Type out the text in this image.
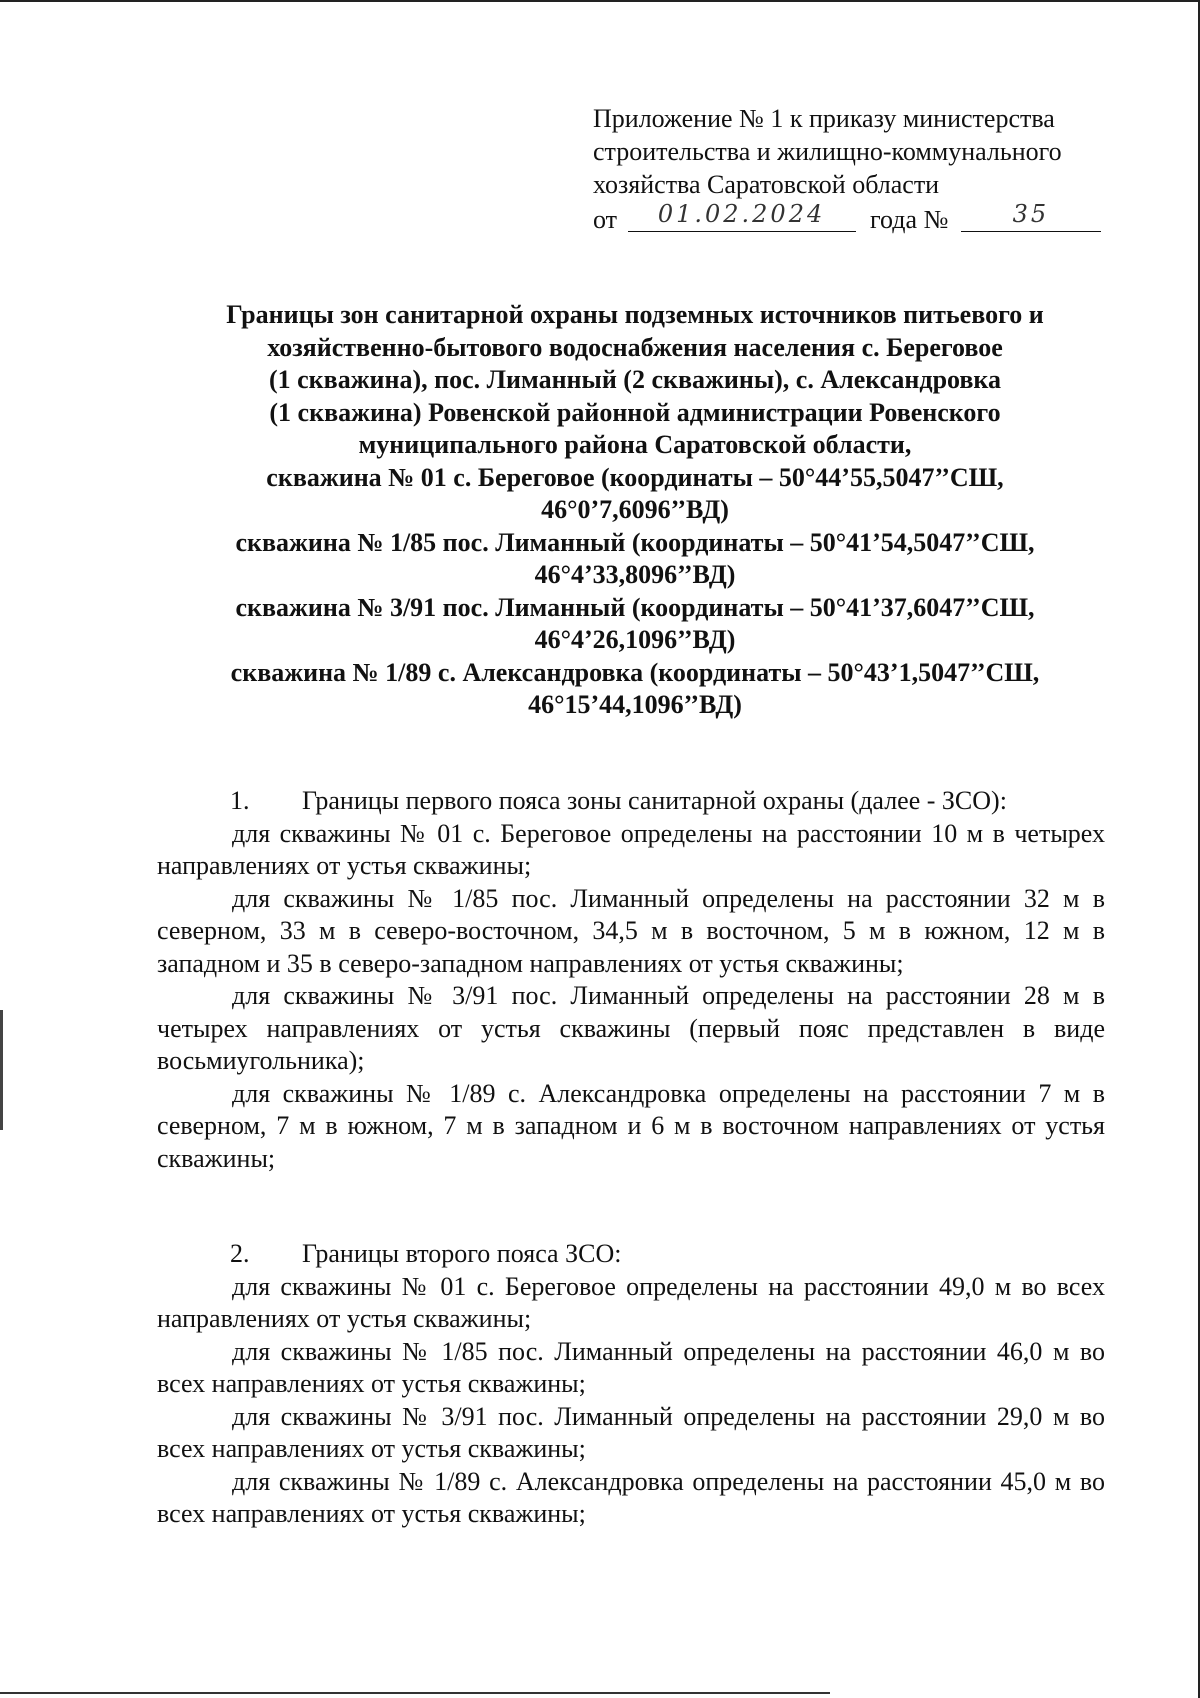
Приложение № 1 к приказу министерства
строительства и жилищно-коммунального
хозяйства Саратовской области
от 01.02.2024 года №	35
Границы зон санитарной охраны подземных источников питьевого и
хозяйственно-бытового водоснабжения населения с. Береговое
(1 скважина), пос. Лиманный (2 скважины), с. Александровка
(1 скважина) Ровенской районной администрации Ровенского
муниципального района Саратовской области,
скважина № 01 с. Береговое (координаты – 50°44’55,5047’’СШ,
46°0’7,6096’’ВД)
скважина № 1/85 пос. Лиманный (координаты – 50°41’54,5047’’СШ,
46°4’33,8096’’ВД)
скважина № 3/91 пос. Лиманный (координаты – 50°41’37,6047’’СШ,
46°4’26,1096’’ВД)
скважина № 1/89 с. Александровка (координаты – 50°43’1,5047’’СШ,
46°15’44,1096’’ВД)
1. Границы первого пояса зоны санитарной охраны (далее - ЗСО):

для скважины № 01 с. Береговое определены на расстоянии 10 м в четырех направлениях от устья скважины;

для скважины № 1/85 пос. Лиманный определены на расстоянии 32 м в северном, 33 м в северо-восточном, 34,5 м в восточном, 5 м в южном, 12 м в западном и 35 в северо-западном направлениях от устья скважины;

для скважины № 3/91 пос. Лиманный определены на расстоянии 28 м в четырех направлениях от устья скважины (первый пояс представлен в виде восьмиугольника);

для скважины № 1/89 с. Александровка определены на расстоянии 7 м в северном, 7 м в южном, 7 м в западном и 6 м в восточном направлениях от устья скважины;

2. Границы второго пояса ЗСО:

для скважины № 01 с. Береговое определены на расстоянии 49,0 м во всех направлениях от устья скважины;

для скважины № 1/85 пос. Лиманный определены на расстоянии 46,0 м во всех направлениях от устья скважины;

для скважины № 3/91 пос. Лиманный определены на расстоянии 29,0 м во всех направлениях от устья скважины;

для скважины № 1/89 с. Александровка определены на расстоянии 45,0 м во всех направлениях от устья скважины;
